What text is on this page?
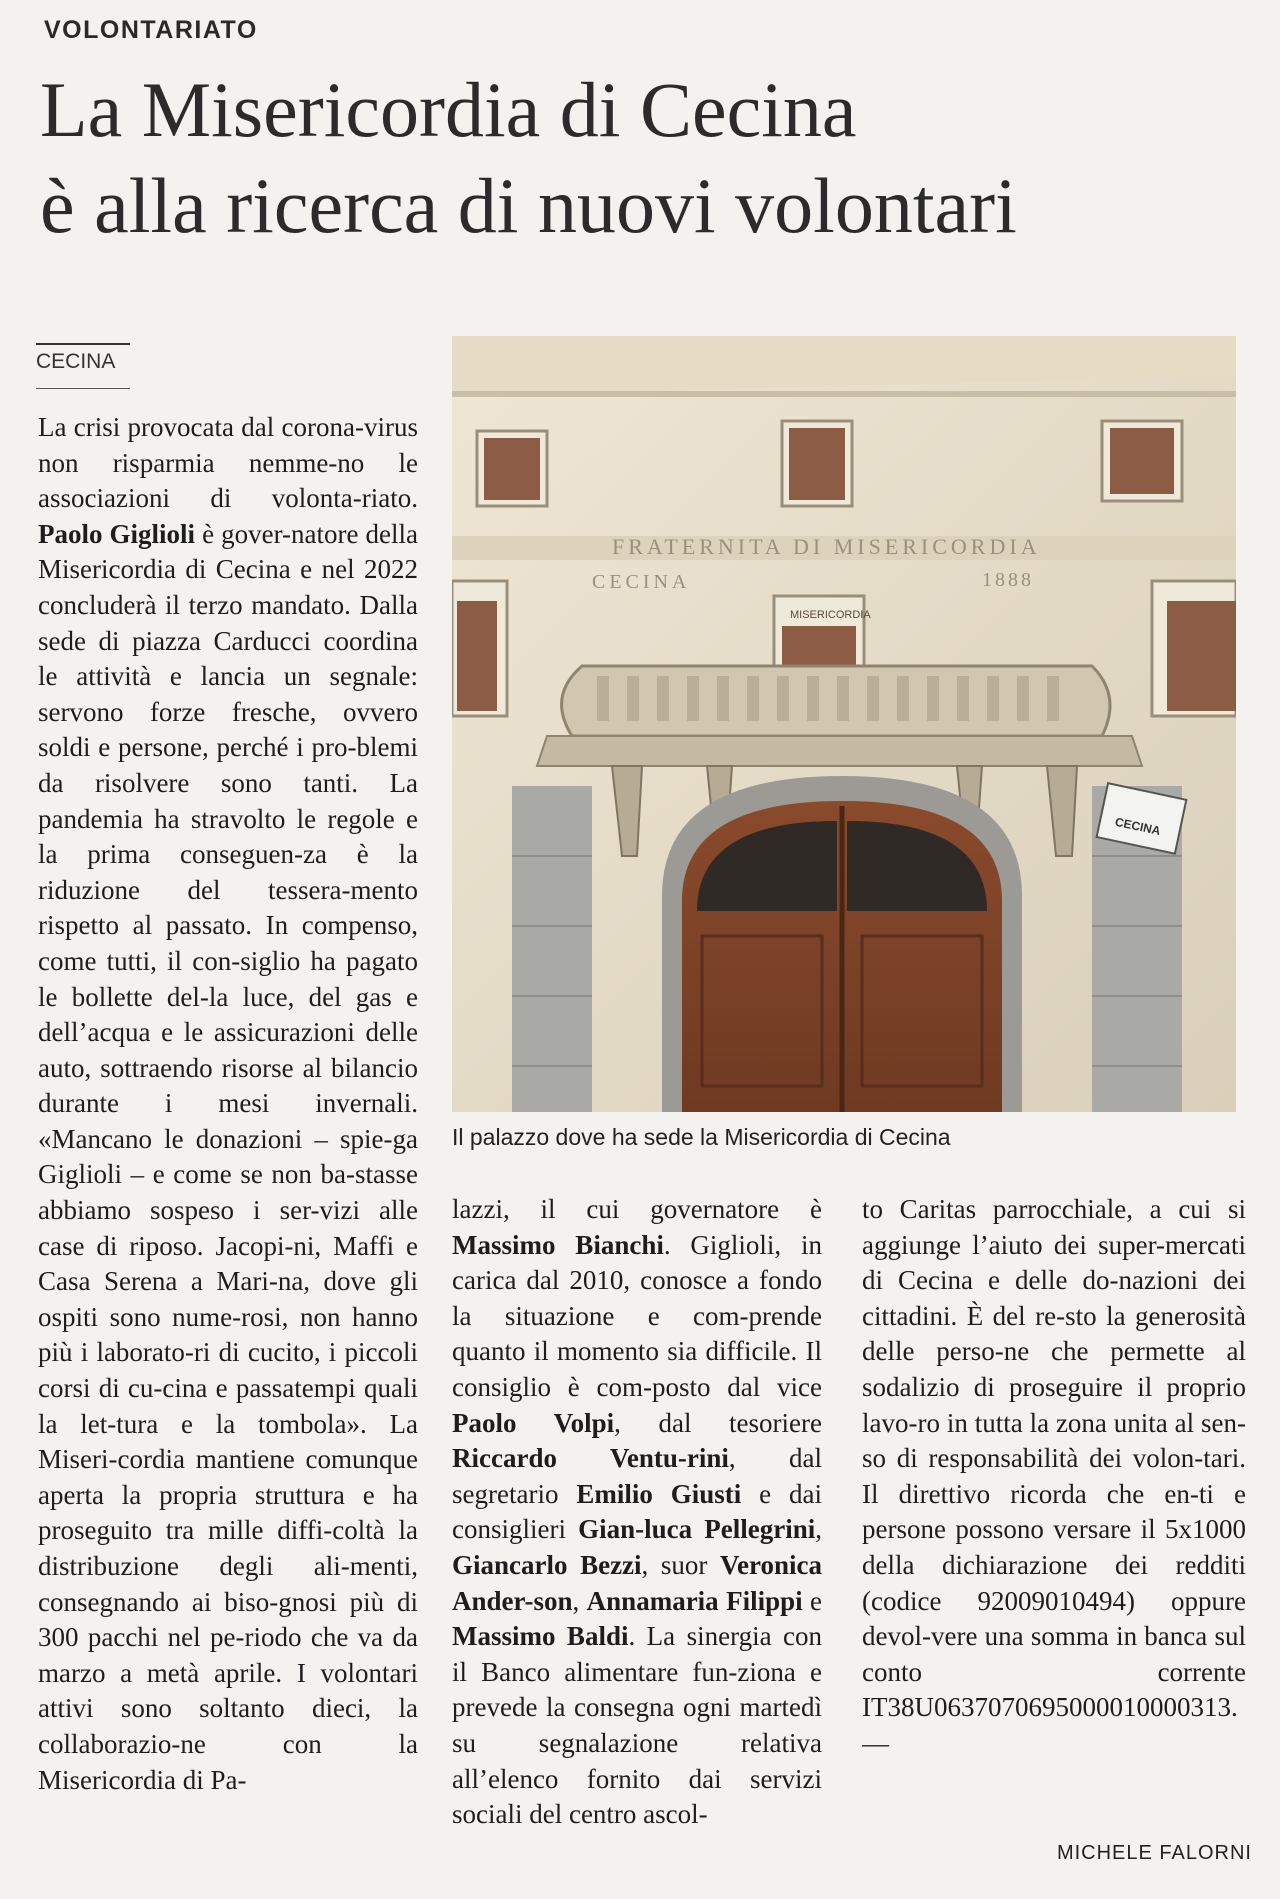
VOLONTARIATO
La Misericordia di Cecina
è alla ricerca di nuovi volontari
CECINA

La crisi provocata dal corona-virus non risparmia nemme-no le associazioni di volonta-riato. Paolo Giglioli è gover-natore della Misericordia di Cecina e nel 2022 concluderà il terzo mandato. Dalla sede di piazza Carducci coordina le attività e lancia un segnale: servono forze fresche, ovvero soldi e persone, perché i pro-blemi da risolvere sono tanti. La pandemia ha stravolto le regole e la prima conseguen-za è la riduzione del tessera-mento rispetto al passato. In compenso, come tutti, il con-siglio ha pagato le bollette del-la luce, del gas e dell’acqua e le assicurazioni delle auto, sottraendo risorse al bilancio durante i mesi invernali. «Mancano le donazioni – spie-ga Giglioli – e come se non ba-stasse abbiamo sospeso i ser-vizi alle case di riposo. Jacopi-ni, Maffi e Casa Serena a Mari-na, dove gli ospiti sono nume-rosi, non hanno più i laborato-ri di cucito, i piccoli corsi di cu-cina e passatempi quali la let-tura e la tombola». La Miseri-cordia mantiene comunque aperta la propria struttura e ha proseguito tra mille diffi-coltà la distribuzione degli ali-menti, consegnando ai biso-gnosi più di 300 pacchi nel pe-riodo che va da marzo a metà aprile. I volontari attivi sono soltanto dieci, la collaborazio-ne con la Misericordia di Pa-

FRATERNITA DI MISERICORDIA
CECINA	1888
MISERICORDIA
CECINA
Il palazzo dove ha sede la Misericordia di Cecina

lazzi, il cui governatore è Massimo Bianchi. Giglioli, in carica dal 2010, conosce a fondo la situazione e com-prende quanto il momento sia difficile. Il consiglio è com-posto dal vice Paolo Volpi, dal tesoriere Riccardo Ventu-rini, dal segretario Emilio Giusti e dai consiglieri Gian-luca Pellegrini, Giancarlo Bezzi, suor Veronica Ander-son, Annamaria Filippi e Massimo Baldi. La sinergia con il Banco alimentare fun-ziona e prevede la consegna ogni martedì su segnalazione relativa all’elenco fornito dai servizi sociali del centro ascol-

to Caritas parrocchiale, a cui si aggiunge l’aiuto dei super-mercati di Cecina e delle do-nazioni dei cittadini. È del re-sto la generosità delle perso-ne che permette al sodalizio di proseguire il proprio lavo-ro in tutta la zona unita al sen-so di responsabilità dei volon-tari. Il direttivo ricorda che en-ti e persone possono versare il 5x1000 della dichiarazione dei redditi (codice 92009010494) oppure devol-vere una somma in banca sul conto corrente IT38U0637070695000010000313.—

MICHELE FALORNI
